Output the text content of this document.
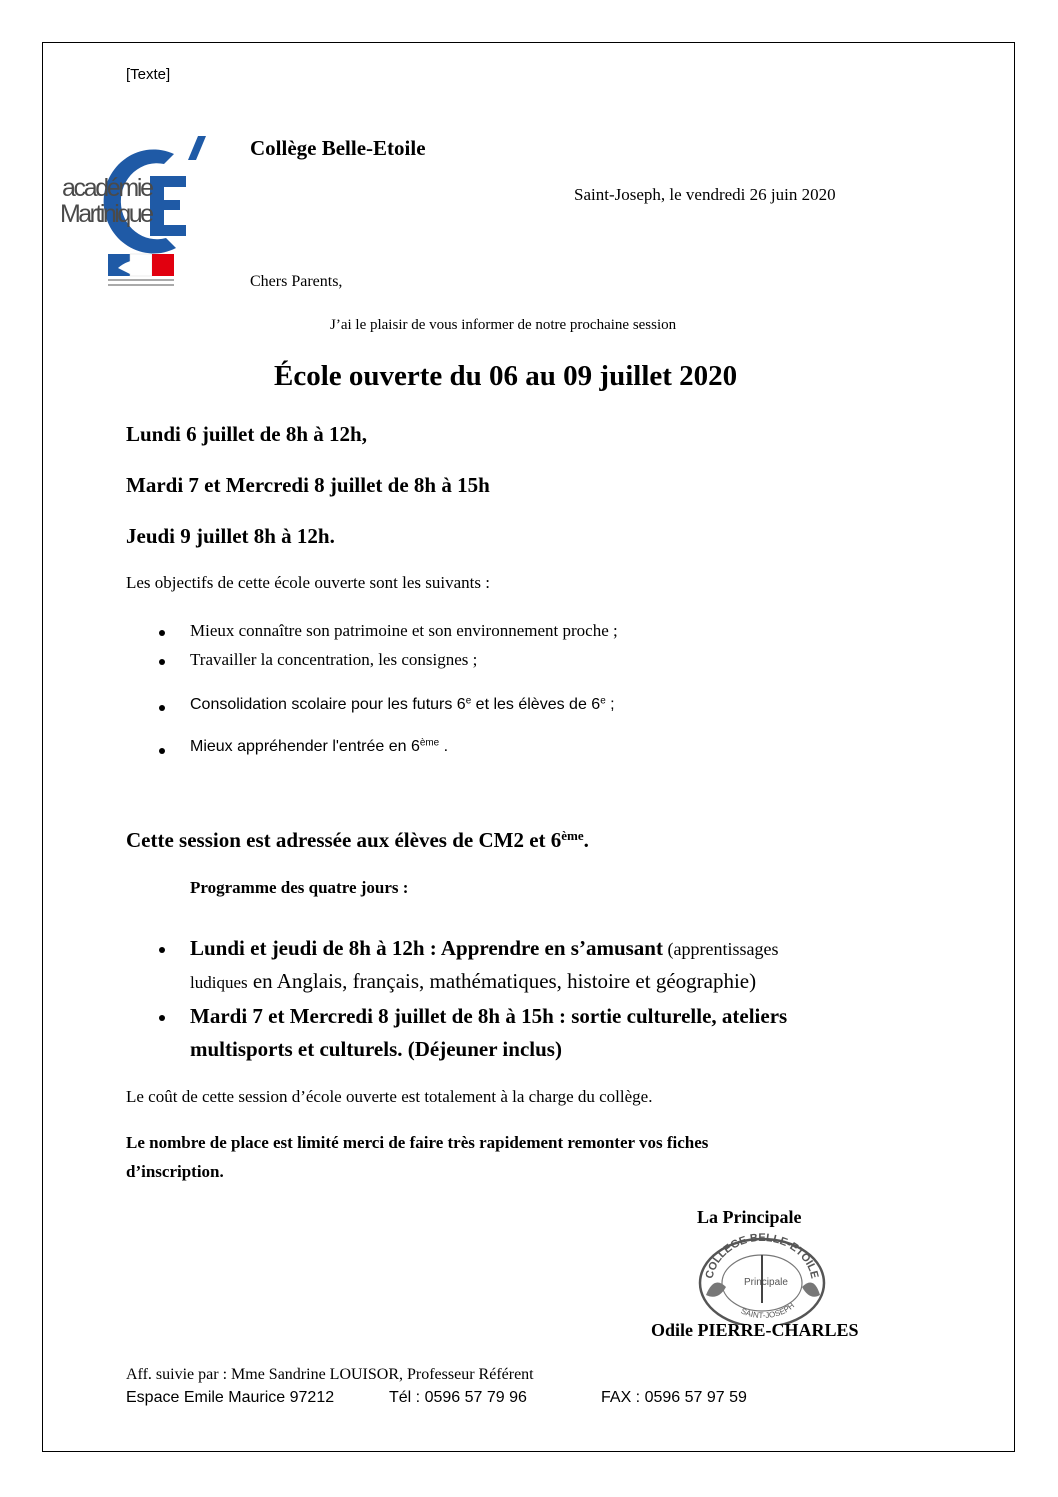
[Texte]
académie
Martinique
Collège Belle-Etoile
Saint-Joseph, le vendredi 26 juin 2020
Chers Parents,
J’ai le plaisir de vous informer de notre prochaine session
École ouverte du 06 au 09 juillet 2020
Lundi 6 juillet de 8h à 12h,
Mardi 7 et Mercredi 8 juillet de 8h à 15h
Jeudi 9 juillet 8h à 12h.
Les objectifs de cette école ouverte sont les suivants :
Mieux connaître son patrimoine et son environnement proche ;
Travailler la concentration, les consignes ;
Consolidation scolaire pour les futurs 6e et les élèves de 6e ;
Mieux appréhender l'entrée en 6ème .
Cette session est adressée aux élèves de CM2 et 6ème.
Programme des quatre jours :
Lundi et jeudi de 8h à 12h : Apprendre en s’amusant (apprentissages
ludiques en Anglais, français, mathématiques, histoire et géographie)
Mardi 7 et Mercredi 8 juillet de 8h à 15h : sortie culturelle, ateliers
multisports et culturels. (Déjeuner inclus)
Le coût de cette session d’école ouverte est totalement à la charge du collège.
Le nombre de place est limité merci de faire très rapidement remonter vos fiches
d’inscription.
La Principale
COLLEGE BELLE-ETOILE
SAINT-JOSEPH
Principale
Odile PIERRE-CHARLES
Aff. suivie par : Mme Sandrine LOUISOR, Professeur Référent
Espace Emile Maurice 97212	Tél : 0596 57 79 96	FAX : 0596 57 97 59
